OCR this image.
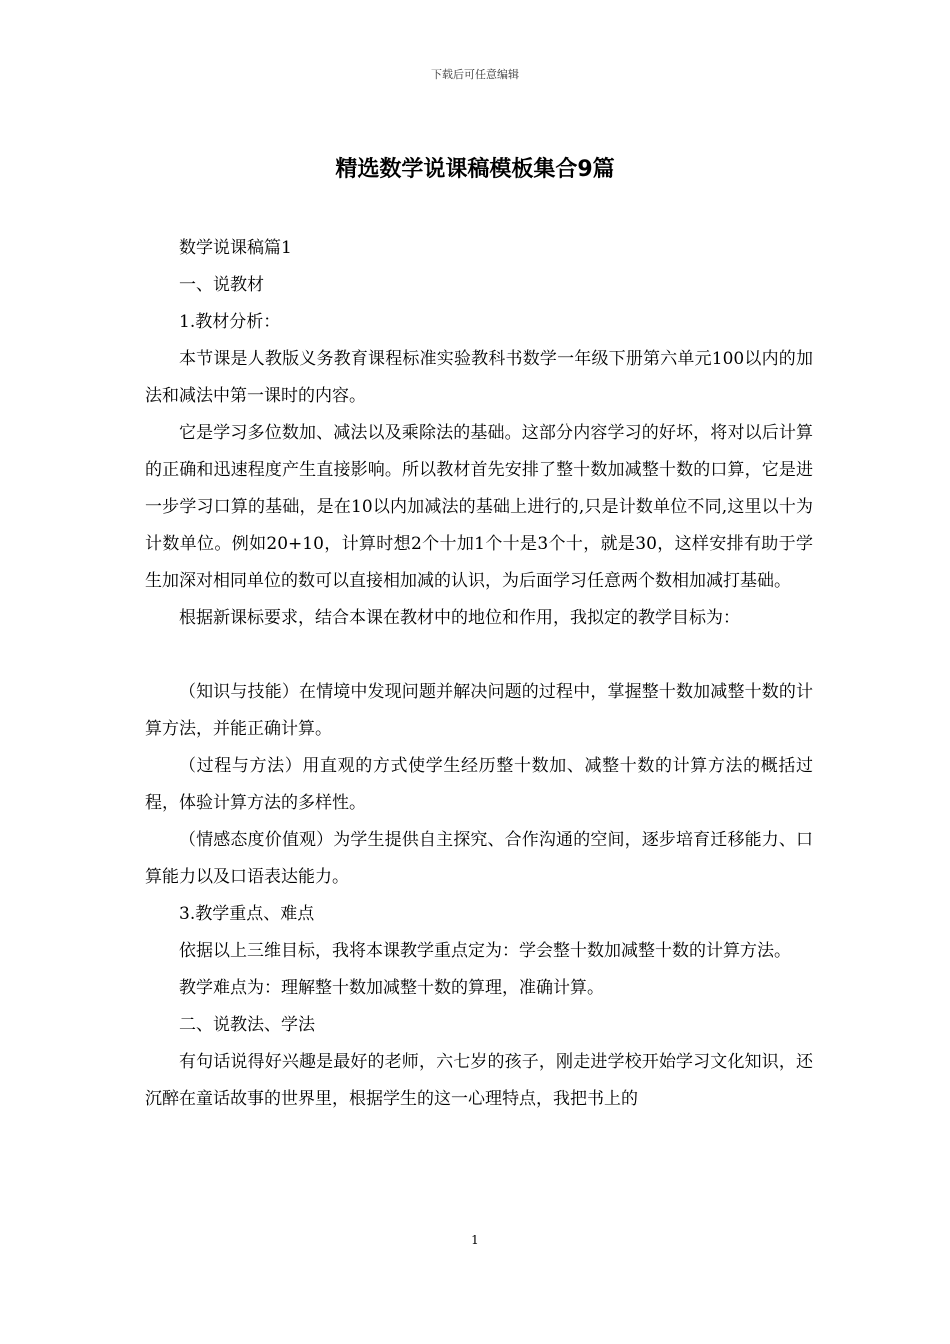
下载后可任意编辑
精选数学说课稿模板集合9篇

数学说课稿篇1

一、说教材

1.教材分析：

本节课是人教版义务教育课程标准实验教科书数学一年级下册第六单元100以内的加法和减法中第一课时的内容。

它是学习多位数加、减法以及乘除法的基础。这部分内容学习的好坏，将对以后计算的正确和迅速程度产生直接影响。所以教材首先安排了整十数加减整十数的口算，它是进一步学习口算的基础，是在10以内加减法的基础上进行的,只是计数单位不同,这里以十为计数单位。例如20+10，计算时想2个十加1个十是3个十，就是30，这样安排有助于学生加深对相同单位的数可以直接相加减的认识，为后面学习任意两个数相加减打基础。

根据新课标要求，结合本课在教材中的地位和作用，我拟定的教学目标为：

（知识与技能）在情境中发现问题并解决问题的过程中，掌握整十数加减整十数的计算方法，并能正确计算。

（过程与方法）用直观的方式使学生经历整十数加、减整十数的计算方法的概括过程，体验计算方法的多样性。

（情感态度价值观）为学生提供自主探究、合作沟通的空间，逐步培育迁移能力、口算能力以及口语表达能力。

3.教学重点、难点

依据以上三维目标，我将本课教学重点定为：学会整十数加减整十数的计算方法。

教学难点为：理解整十数加减整十数的算理，准确计算。

二、说教法、学法

有句话说得好兴趣是最好的老师，六七岁的孩子，刚走进学校开始学习文化知识，还沉醉在童话故事的世界里，根据学生的这一心理特点，我把书上的

1
